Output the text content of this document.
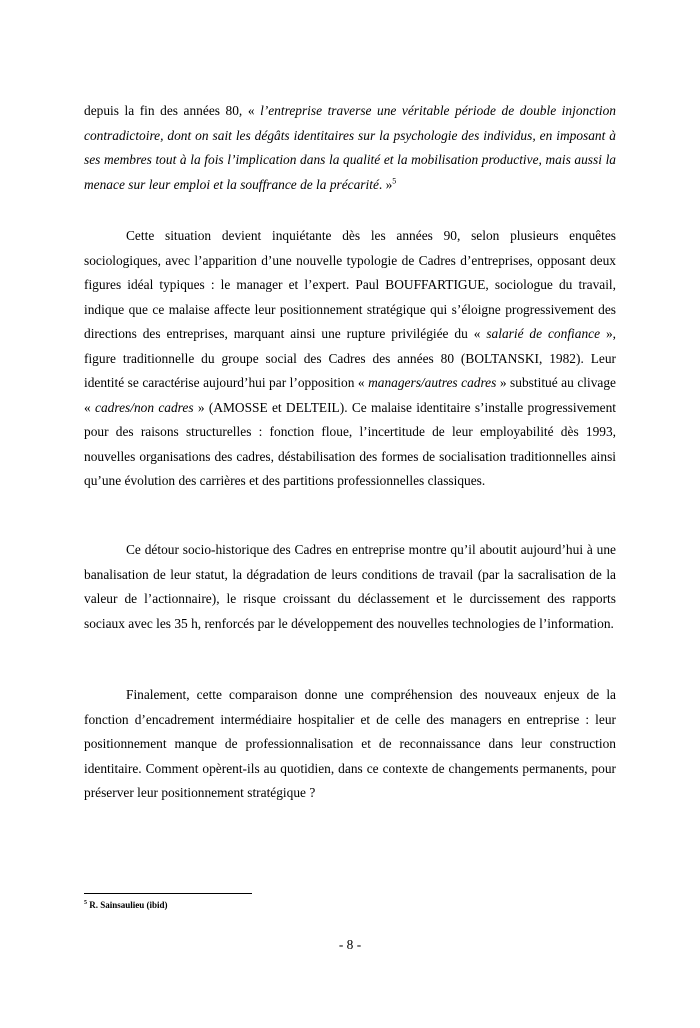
depuis la fin des années 80, « l’entreprise traverse une véritable période de double injonction contradictoire, dont on sait les dégâts identitaires sur la psychologie des individus, en imposant à ses membres tout à la fois l’implication dans la qualité et la mobilisation productive, mais aussi la menace sur leur emploi et la souffrance de la précarité. »$^5$

Cette situation devient inquiétante dès les années 90, selon plusieurs enquêtes sociologiques, avec l’apparition d’une nouvelle typologie de Cadres d’entreprises, opposant deux figures idéal typiques : le manager et l’expert. Paul BOUFFARTIGUE, sociologue du travail, indique que ce malaise affecte leur positionnement stratégique qui s’éloigne progressivement des directions des entreprises, marquant ainsi une rupture privilégiée du « salarié de confiance », figure traditionnelle du groupe social des Cadres des années 80 (BOLTANSKI, 1982). Leur identité se caractérise aujourd’hui par l’opposition « managers/autres cadres » substitué au clivage « cadres/non cadres » (AMOSSE et DELTEIL). Ce malaise identitaire s’installe progressivement pour des raisons structurelles : fonction floue, l’incertitude de leur employabilité dès 1993, nouvelles organisations des cadres, déstabilisation des formes de socialisation traditionnelles ainsi qu’une évolution des carrières et des partitions professionnelles classiques.

Ce détour socio-historique des Cadres en entreprise montre qu’il aboutit aujourd’hui à une banalisation de leur statut, la dégradation de leurs conditions de travail (par la sacralisation de la valeur de l’actionnaire), le risque croissant du déclassement et le durcissement des rapports sociaux avec les 35 h, renforcés par le développement des nouvelles technologies de l’information.

Finalement, cette comparaison donne une compréhension des nouveaux enjeux de la fonction d’encadrement intermédiaire hospitalier et de celle des managers en entreprise : leur positionnement manque de professionnalisation et de reconnaissance dans leur construction identitaire. Comment opèrent-ils au quotidien, dans ce contexte de changements permanents, pour préserver leur positionnement stratégique ?

$^5$ R. Sainsaulieu (ibid)

- 8 -
